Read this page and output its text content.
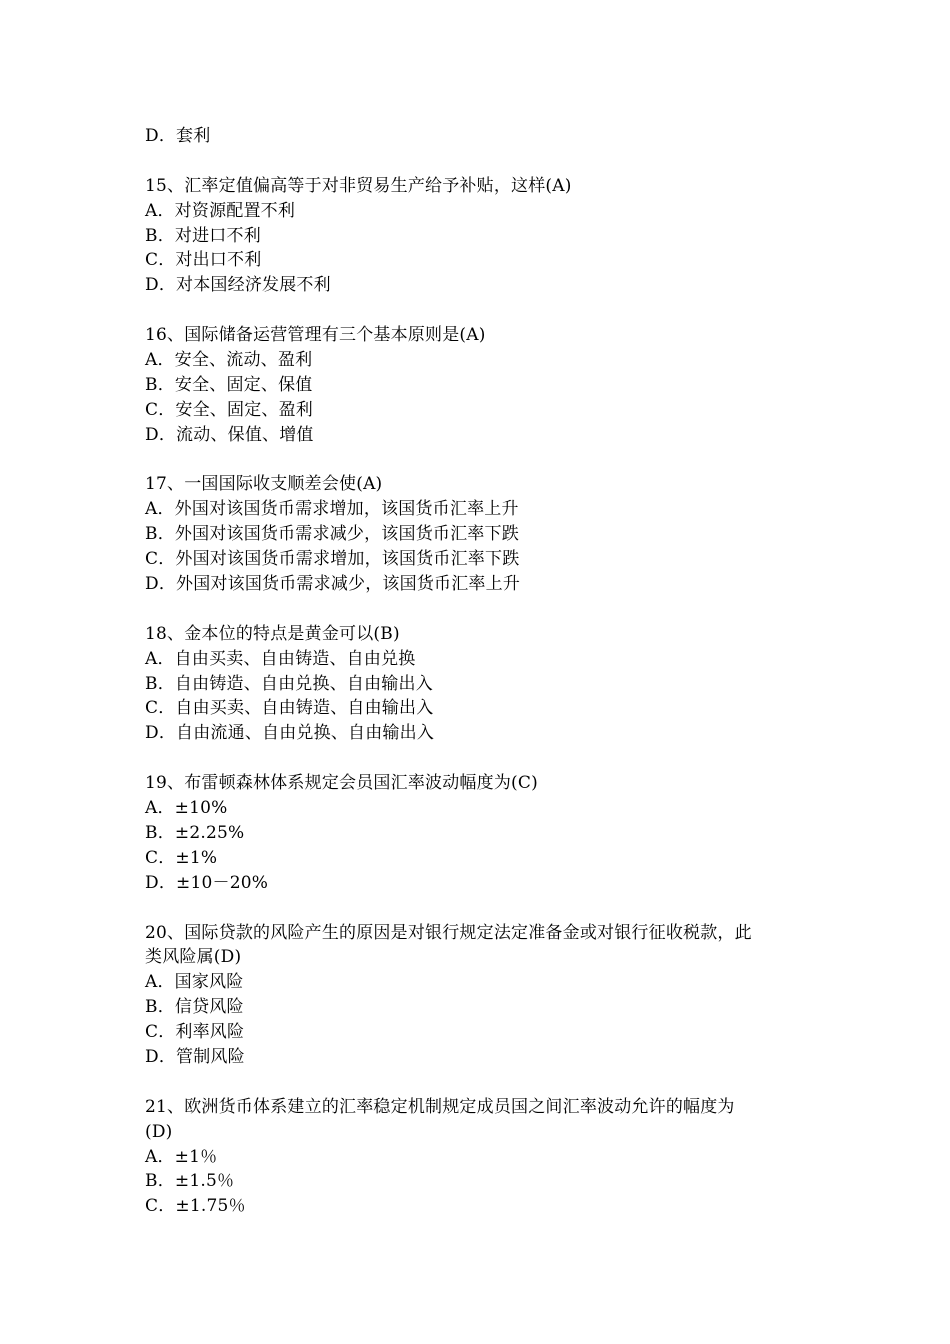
D．套利
15、汇率定值偏高等于对非贸易生产给予补贴，这样(A)
A．对资源配置不利
B．对进口不利
C．对出口不利
D．对本国经济发展不利
16、国际储备运营管理有三个基本原则是(A)
A．安全、流动、盈利
B．安全、固定、保值
C．安全、固定、盈利
D．流动、保值、增值
17、一国国际收支顺差会使(A)
A．外国对该国货币需求增加，该国货币汇率上升
B．外国对该国货币需求减少，该国货币汇率下跌
C．外国对该国货币需求增加，该国货币汇率下跌
D．外国对该国货币需求减少，该国货币汇率上升
18、金本位的特点是黄金可以(B)
A．自由买卖、自由铸造、自由兑换
B．自由铸造、自由兑换、自由输出入
C．自由买卖、自由铸造、自由输出入
D．自由流通、自由兑换、自由输出入
19、布雷顿森林体系规定会员国汇率波动幅度为(C)
A．±10%
B．±2.25%
C．±1%
D．±10－20%
20、国际贷款的风险产生的原因是对银行规定法定准备金或对银行征收税款，此
类风险属(D)
A．国家风险
B．信贷风险
C．利率风险
D．管制风险
21、欧洲货币体系建立的汇率稳定机制规定成员国之间汇率波动允许的幅度为
(D)
A．±1％
B．±1.5％
C．±1.75％
